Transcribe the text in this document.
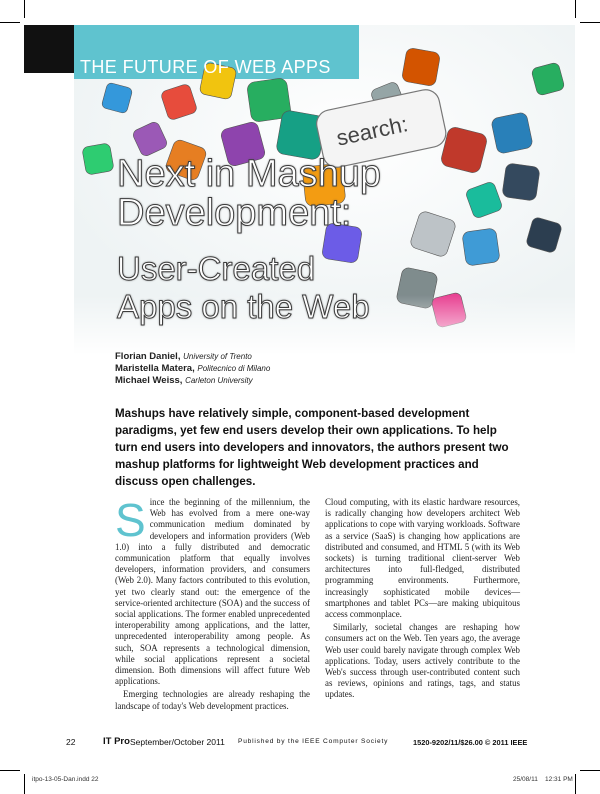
search:
THE FUTURE OF WEB APPS
Next in Mashup
Development:
User-Created
Apps on the Web
Florian Daniel, University of Trento
Maristella Matera, Politecnico di Milano
Michael Weiss, Carleton University
Mashups have relatively simple, component-based development paradigms, yet few end users develop their own applications. To help turn end users into developers and innovators, the authors present two mashup platforms for lightweight Web development practices and discuss open challenges.

Since the beginning of the millennium, the Web has evolved from a mere one-way communication medium dominated by developers and information providers (Web 1.0) into a fully distributed and democratic communication platform that equally involves developers, information providers, and consumers (Web 2.0). Many factors contributed to this evolution, yet two clearly stand out: the emergence of the service-oriented architecture (SOA) and the success of social applications. The former enabled unprecedented interoperability among applications, and the latter, unprecedented interoperability among people. As such, SOA represents a technological dimension, while social applications represent a societal dimension. Both dimensions will affect future Web applications.

Emerging technologies are already reshaping the landscape of today's Web development practices.

Cloud computing, with its elastic hardware resources, is radically changing how developers architect Web applications to cope with varying workloads. Software as a service (SaaS) is changing how applications are distributed and consumed, and HTML 5 (with its Web sockets) is turning traditional client-server Web architectures into full-fledged, distributed programming environments. Furthermore, increasingly sophisticated mobile devices—smartphones and tablet PCs—are making ubiquitous access commonplace.

Similarly, societal changes are reshaping how consumers act on the Web. Ten years ago, the average Web user could barely navigate through complex Web applications. Today, users actively contribute to the Web's success through user-contributed content such as reviews, opinions and ratings, tags, and status updates.

22	IT Pro September/October 2011 Published by the IEEE Computer Society	1520-9202/11/$26.00 © 2011 IEEE
itpo-13-05-Dan.indd 22	25/08/11 12:31 PM
